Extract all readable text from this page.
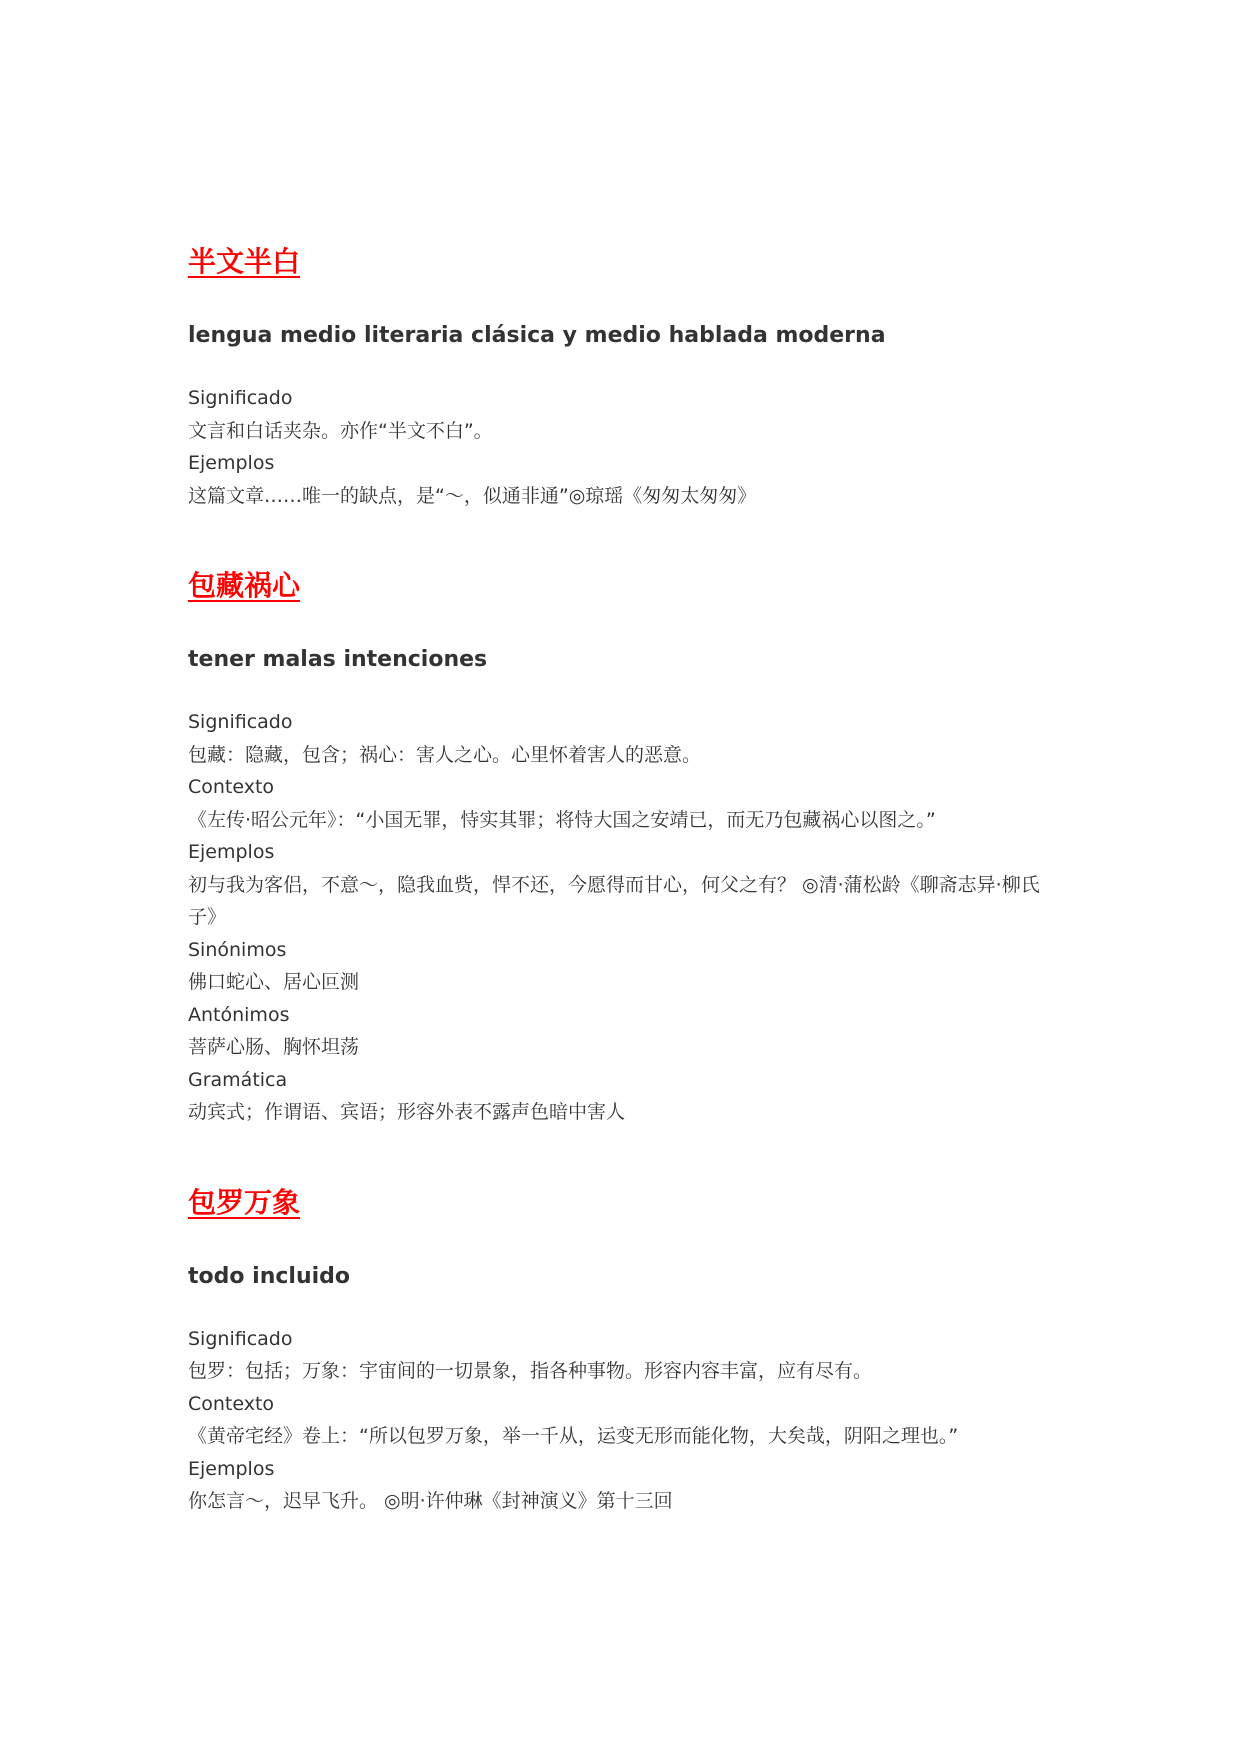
半文半白
lengua medio literaria clásica y medio hablada moderna
Significado
文言和白话夹杂。亦作“半文不白”。
Ejemplos
这篇文章……唯一的缺点，是“～，似通非通”◎琼瑶《匆匆太匆匆》
包藏祸心
tener malas intenciones
Significado
包藏：隐藏，包含；祸心：害人之心。心里怀着害人的恶意。
Contexto
《左传·昭公元年》：“小国无罪，恃实其罪；将恃大国之安靖已，而无乃包藏祸心以图之。”
Ejemplos
初与我为客侣，不意～，隐我血赀，悍不还，今愿得而甘心，何父之有？ ◎清·蒲松龄《聊斋志异·柳氏子》
Sinónimos
佛口蛇心、居心叵测
Antónimos
菩萨心肠、胸怀坦荡
Gramática
动宾式；作谓语、宾语；形容外表不露声色暗中害人
包罗万象
todo incluido
Significado
包罗：包括；万象：宇宙间的一切景象，指各种事物。形容内容丰富，应有尽有。
Contexto
《黄帝宅经》卷上：“所以包罗万象，举一千从，运变无形而能化物，大矣哉，阴阳之理也。”
Ejemplos
你怎言～，迟早飞升。 ◎明·许仲琳《封神演义》第十三回
